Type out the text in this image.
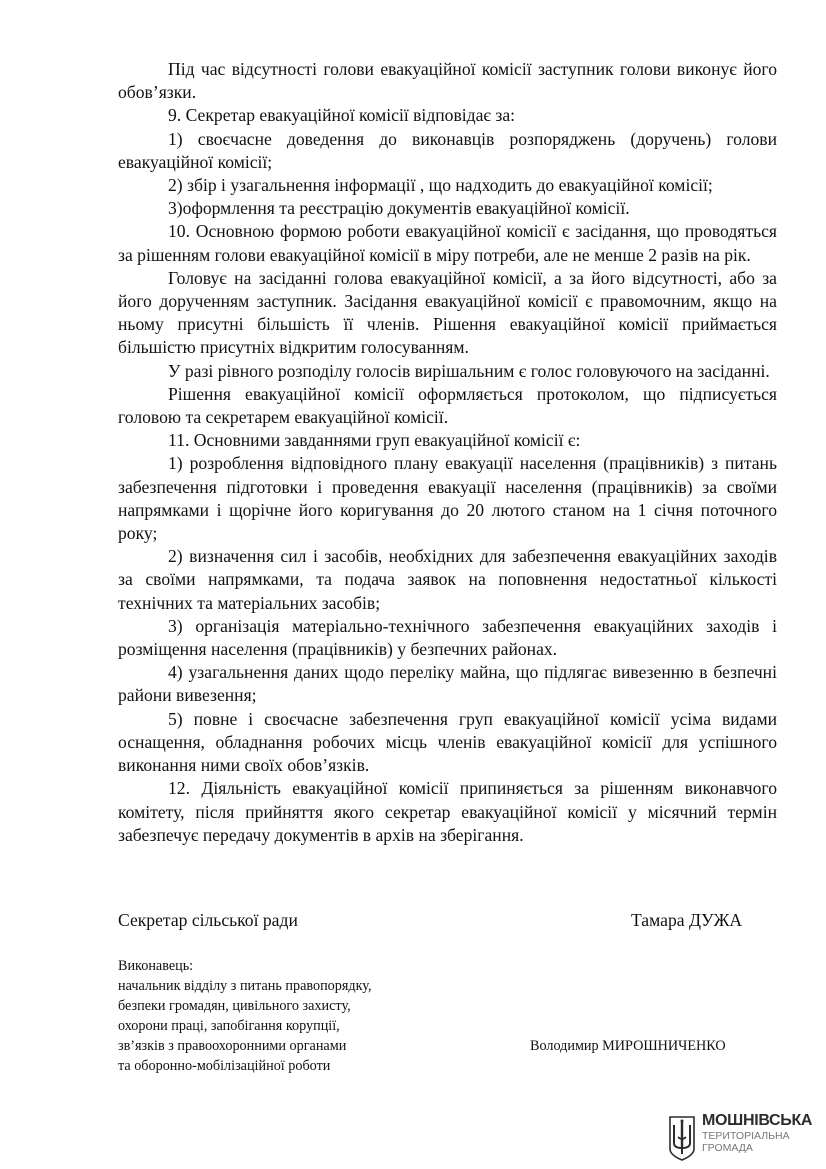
Під час відсутності голови евакуаційної комісії заступник голови виконує його обов’язки.

9. Секретар евакуаційної комісії відповідає за:

1) своєчасне доведення до виконавців розпоряджень (доручень) голови евакуаційної комісії;

2) збір і узагальнення інформації , що надходить до евакуаційної комісії;

3)оформлення та реєстрацію документів евакуаційної комісії.

10. Основною формою роботи евакуаційної комісії є засідання, що проводяться за рішенням голови евакуаційної комісії в міру потреби, але не менше 2 разів на рік.

Головує на засіданні голова евакуаційної комісії, а за його відсутності, або за його дорученням заступник. Засідання евакуаційної комісії є правомочним, якщо на ньому присутні більшість її членів. Рішення евакуаційної комісії приймається більшістю присутніх відкритим голосуванням.

У разі рівного розподілу голосів вирішальним є голос головуючого на засіданні.

Рішення евакуаційної комісії оформляється протоколом, що підписується головою та секретарем евакуаційної комісії.

11. Основними завданнями груп евакуаційної комісії є:

1) розроблення відповідного плану евакуації населення (працівників) з питань забезпечення підготовки і проведення евакуації населення (працівників) за своїми напрямками і щорічне його коригування до 20 лютого станом на 1 січня поточного року;

2) визначення сил і засобів, необхідних для забезпечення евакуаційних заходів за своїми напрямками, та подача заявок на поповнення недостатньої кількості технічних та матеріальних засобів;

3) організація матеріально-технічного забезпечення евакуаційних заходів і розміщення населення (працівників) у безпечних районах.

4) узагальнення даних щодо переліку майна, що підлягає вивезенню в безпечні райони вивезення;

5) повне і своєчасне забезпечення груп евакуаційної комісії усіма видами оснащення, обладнання робочих місць членів евакуаційної комісії для успішного виконання ними своїх обов’язків.

12. Діяльність евакуаційної комісії припиняється за рішенням виконавчого комітету, після прийняття якого секретар евакуаційної комісії у місячний термін забезпечує передачу документів в архів на зберігання.

Секретар сільської ради	Тамара ДУЖА
Виконавець:
начальник відділу з питань правопорядку,
безпеки громадян, цивільного захисту,
охорони праці, запобігання корупції,
зв’язків з правоохоронними органами
та оборонно-мобілізаційної роботи
Володимир МИРОШНИЧЕНКО
МОШНІВСЬКА
ТЕРИТОРІАЛЬНА
ГРОМАДА
